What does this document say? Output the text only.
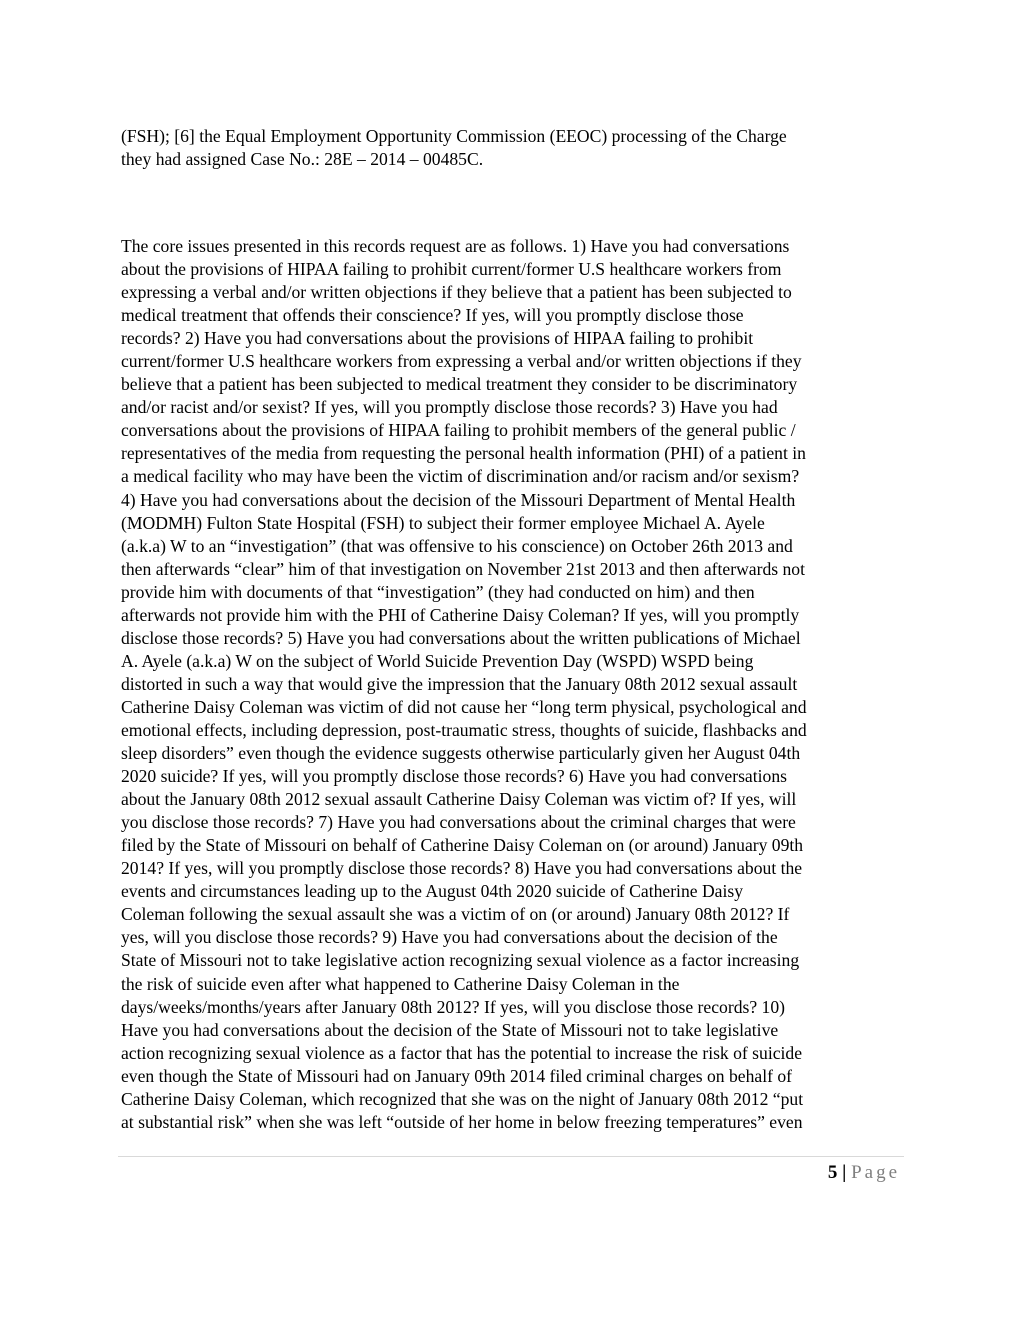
(FSH); [6] the Equal Employment Opportunity Commission (EEOC) processing of the Charge
they had assigned Case No.: 28E – 2014 – 00485C.

The core issues presented in this records request are as follows. 1) Have you had conversations
about the provisions of HIPAA failing to prohibit current/former U.S healthcare workers from
expressing a verbal and/or written objections if they believe that a patient has been subjected to
medical treatment that offends their conscience? If yes, will you promptly disclose those
records? 2) Have you had conversations about the provisions of HIPAA failing to prohibit
current/former U.S healthcare workers from expressing a verbal and/or written objections if they
believe that a patient has been subjected to medical treatment they consider to be discriminatory
and/or racist and/or sexist? If yes, will you promptly disclose those records? 3) Have you had
conversations about the provisions of HIPAA failing to prohibit members of the general public /
representatives of the media from requesting the personal health information (PHI) of a patient in
a medical facility who may have been the victim of discrimination and/or racism and/or sexism?
4) Have you had conversations about the decision of the Missouri Department of Mental Health
(MODMH) Fulton State Hospital (FSH) to subject their former employee Michael A. Ayele
(a.k.a) W to an “investigation” (that was offensive to his conscience) on October 26th 2013 and
then afterwards “clear” him of that investigation on November 21st 2013 and then afterwards not
provide him with documents of that “investigation” (they had conducted on him) and then
afterwards not provide him with the PHI of Catherine Daisy Coleman? If yes, will you promptly
disclose those records? 5) Have you had conversations about the written publications of Michael
A. Ayele (a.k.a) W on the subject of World Suicide Prevention Day (WSPD) WSPD being
distorted in such a way that would give the impression that the January 08th 2012 sexual assault
Catherine Daisy Coleman was victim of did not cause her “long term physical, psychological and
emotional effects, including depression, post-traumatic stress, thoughts of suicide, flashbacks and
sleep disorders” even though the evidence suggests otherwise particularly given her August 04th
2020 suicide? If yes, will you promptly disclose those records? 6) Have you had conversations
about the January 08th 2012 sexual assault Catherine Daisy Coleman was victim of? If yes, will
you disclose those records? 7) Have you had conversations about the criminal charges that were
filed by the State of Missouri on behalf of Catherine Daisy Coleman on (or around) January 09th
2014? If yes, will you promptly disclose those records? 8) Have you had conversations about the
events and circumstances leading up to the August 04th 2020 suicide of Catherine Daisy
Coleman following the sexual assault she was a victim of on (or around) January 08th 2012? If
yes, will you disclose those records? 9) Have you had conversations about the decision of the
State of Missouri not to take legislative action recognizing sexual violence as a factor increasing
the risk of suicide even after what happened to Catherine Daisy Coleman in the
days/weeks/months/years after January 08th 2012? If yes, will you disclose those records? 10)
Have you had conversations about the decision of the State of Missouri not to take legislative
action recognizing sexual violence as a factor that has the potential to increase the risk of suicide
even though the State of Missouri had on January 09th 2014 filed criminal charges on behalf of
Catherine Daisy Coleman, which recognized that she was on the night of January 08th 2012 “put
at substantial risk” when she was left “outside of her home in below freezing temperatures” even

5 | Page
